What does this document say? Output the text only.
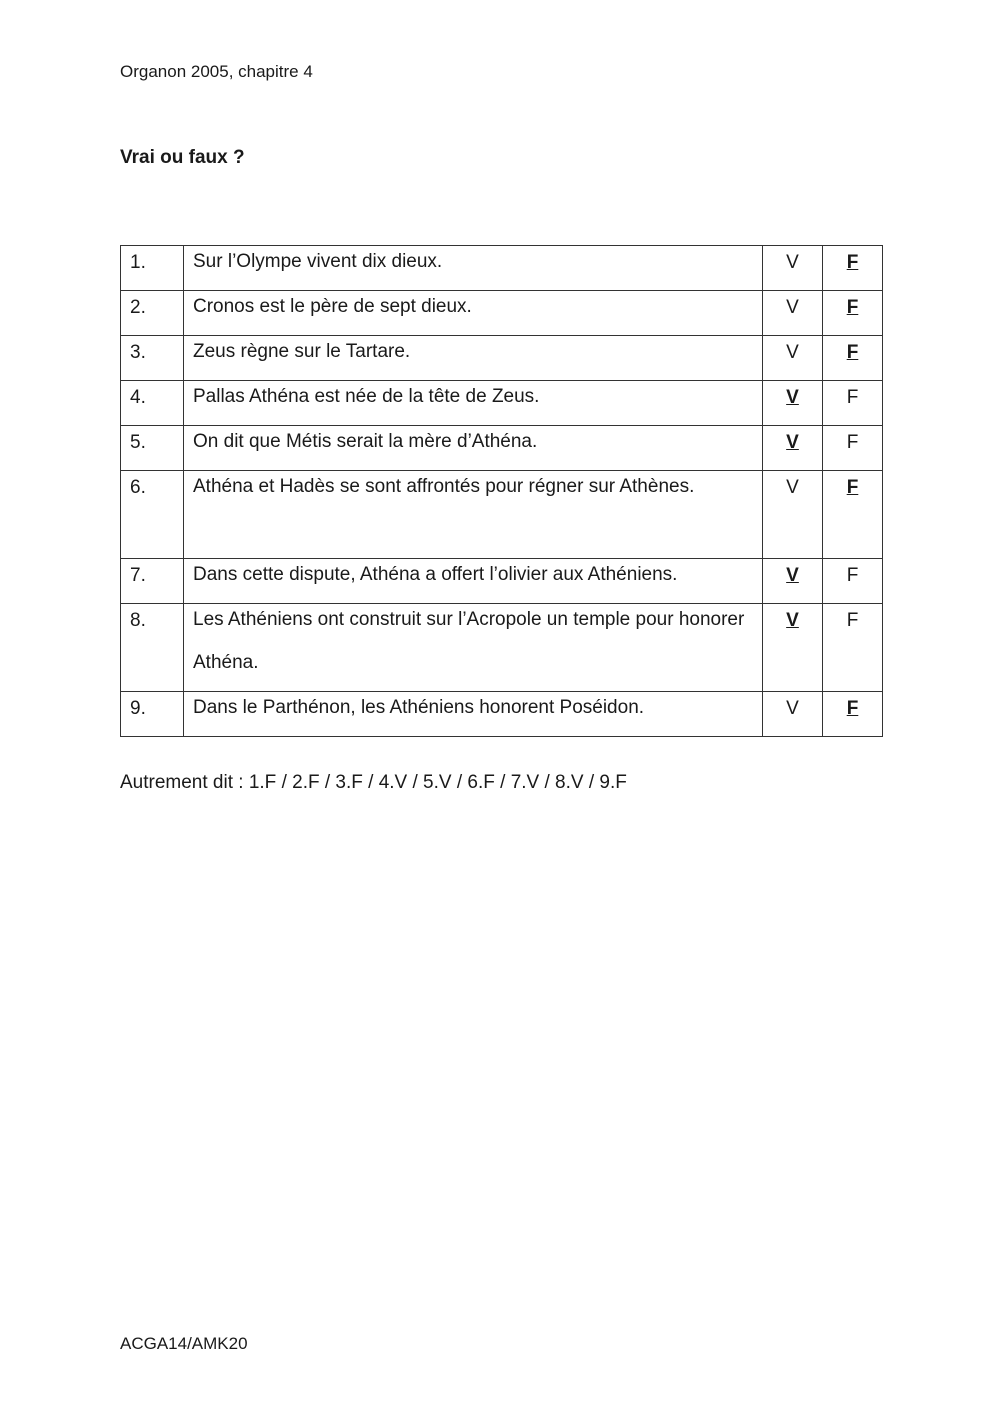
Organon 2005, chapitre 4
Vrai ou faux ?
1.	Sur l’Olympe vivent dix dieux.	V	F

2.	Cronos est le père de sept dieux.	V	F

3.	Zeus règne sur le Tartare.	V	F

4.	Pallas Athéna est née de la tête de Zeus.	V	F

5.	On dit que Métis serait la mère d’Athéna.	V	F

6.	Athéna et Hadès se sont affrontés pour régner sur Athènes.	V	F

7.	Dans cette dispute, Athéna a offert l’olivier aux Athéniens.	V	F

8.	Les Athéniens ont construit sur l’Acropole un temple pour honorer Athéna.	V	F

9.	Dans le Parthénon, les Athéniens honorent Poséidon.	V	F
Autrement dit : 1.F / 2.F / 3.F / 4.V / 5.V / 6.F / 7.V / 8.V / 9.F
ACGA14/AMK20
